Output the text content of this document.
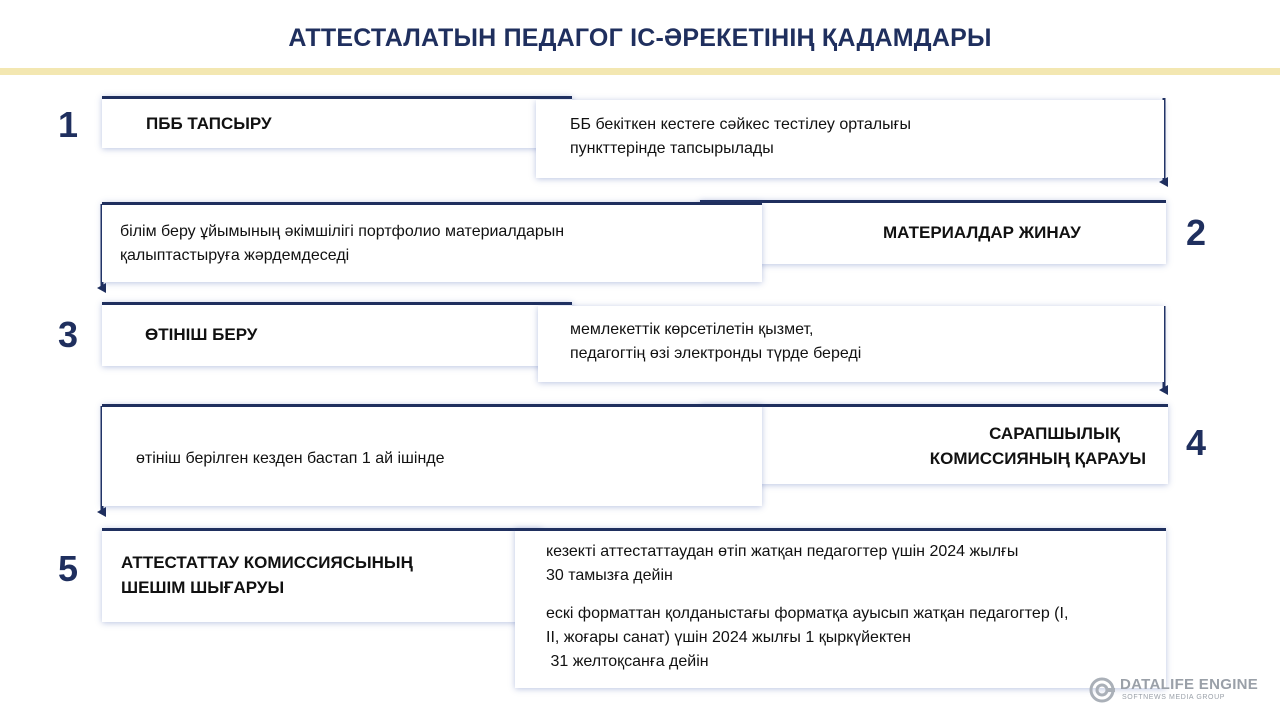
АТТЕСТАЛАТЫН ПЕДАГОГ ІС-ӘРЕКЕТІНІҢ ҚАДАМДАРЫ
1	ПББ ТАПСЫРУ	ББ бекіткен кестеге сәйкес тестілеу орталығы
пункттерінде тапсырылады
МАТЕРИАЛДАР ЖИНАУ
білім беру ұйымының әкімшілігі портфолио материалдарын
қалыптастыруға жәрдемдеседі
2
3	ӨТІНІШ БЕРУ	мемлекеттік көрсетілетін қызмет,
педагогтің өзі электронды түрде береді
САРАПШЫЛЫҚ
КОМИССИЯНЫҢ ҚАРАУЫ
өтініш берілген кезден бастап 1 ай ішінде	4
5	АТТЕСТАТТАУ КОМИССИЯСЫНЫҢ
ШЕШІМ ШЫҒАРУЫ
кезекті аттестаттаудан өтіп жатқан педагогтер үшін 2024 жылғы
30 тамызға дейін
ескі форматтан қолданыстағы форматқа ауысып жатқан педагогтер (І,
ІІ, жоғары санат) үшін 2024 жылғы 1 қыркүйектен
31 желтоқсанға дейін
DATALIFE ENGINE
SOFTNEWS MEDIA GROUP
